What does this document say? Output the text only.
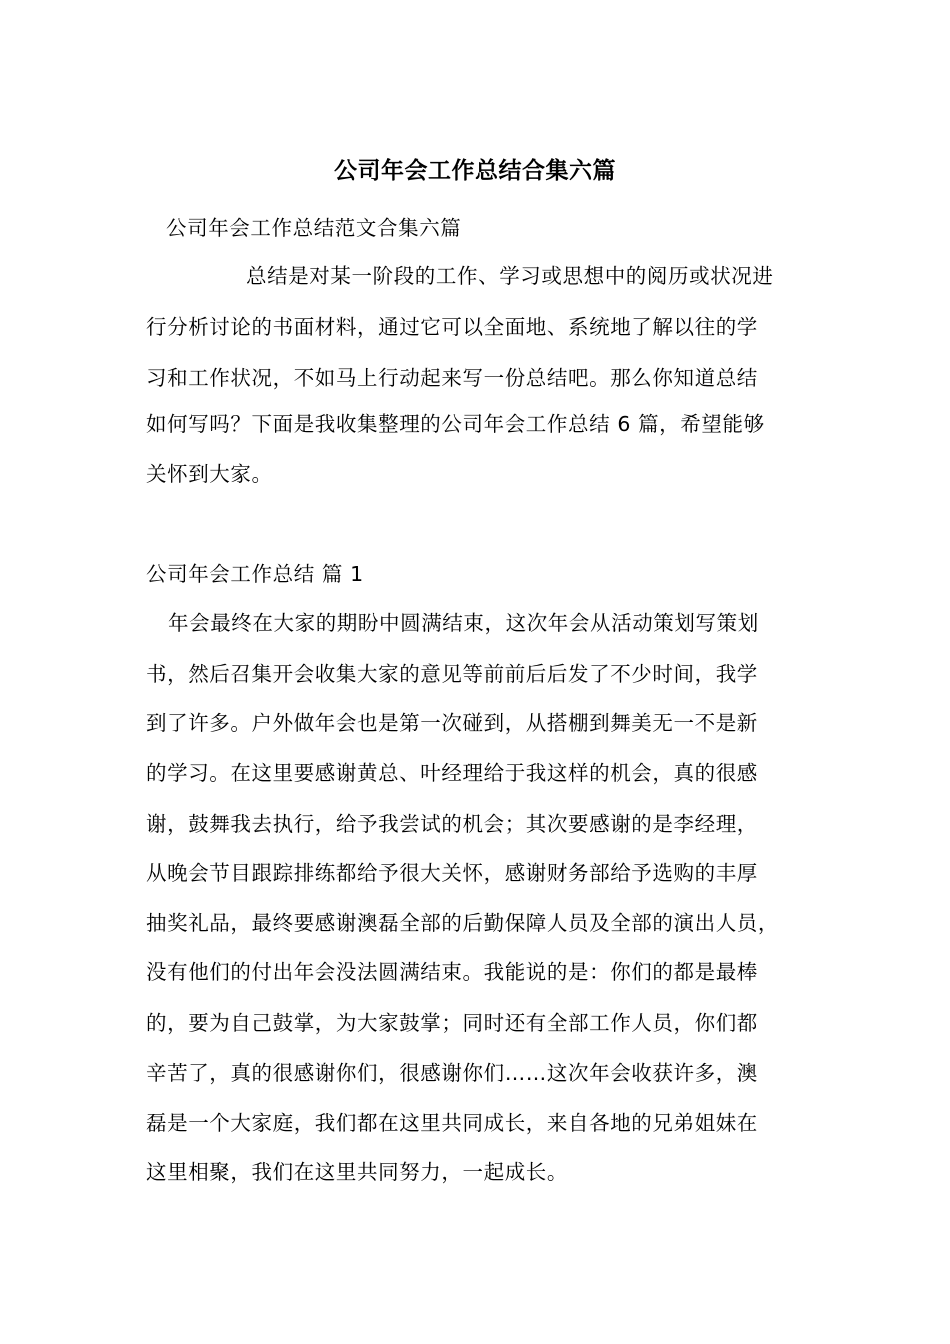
公司年会工作总结合集六篇
公司年会工作总结范文合集六篇
总结是对某一阶段的工作、学习或思想中的阅历或状况进
行分析讨论的书面材料，通过它可以全面地、系统地了解以往的学
习和工作状况，不如马上行动起来写一份总结吧。那么你知道总结
如何写吗？下面是我收集整理的公司年会工作总结 6 篇，希望能够
关怀到大家。
公司年会工作总结 篇 1
年会最终在大家的期盼中圆满结束，这次年会从活动策划写策划
书，然后召集开会收集大家的意见等前前后后发了不少时间，我学
到了许多。户外做年会也是第一次碰到，从搭棚到舞美无一不是新
的学习。在这里要感谢黄总、叶经理给于我这样的机会，真的很感
谢，鼓舞我去执行，给予我尝试的机会；其次要感谢的是李经理，
从晚会节目跟踪排练都给予很大关怀，感谢财务部给予选购的丰厚
抽奖礼品，最终要感谢澳磊全部的后勤保障人员及全部的演出人员，
没有他们的付出年会没法圆满结束。我能说的是：你们的都是最棒
的，要为自己鼓掌，为大家鼓掌；同时还有全部工作人员，你们都
辛苦了，真的很感谢你们，很感谢你们……这次年会收获许多，澳
磊是一个大家庭，我们都在这里共同成长，来自各地的兄弟姐妹在
这里相聚，我们在这里共同努力，一起成长。
